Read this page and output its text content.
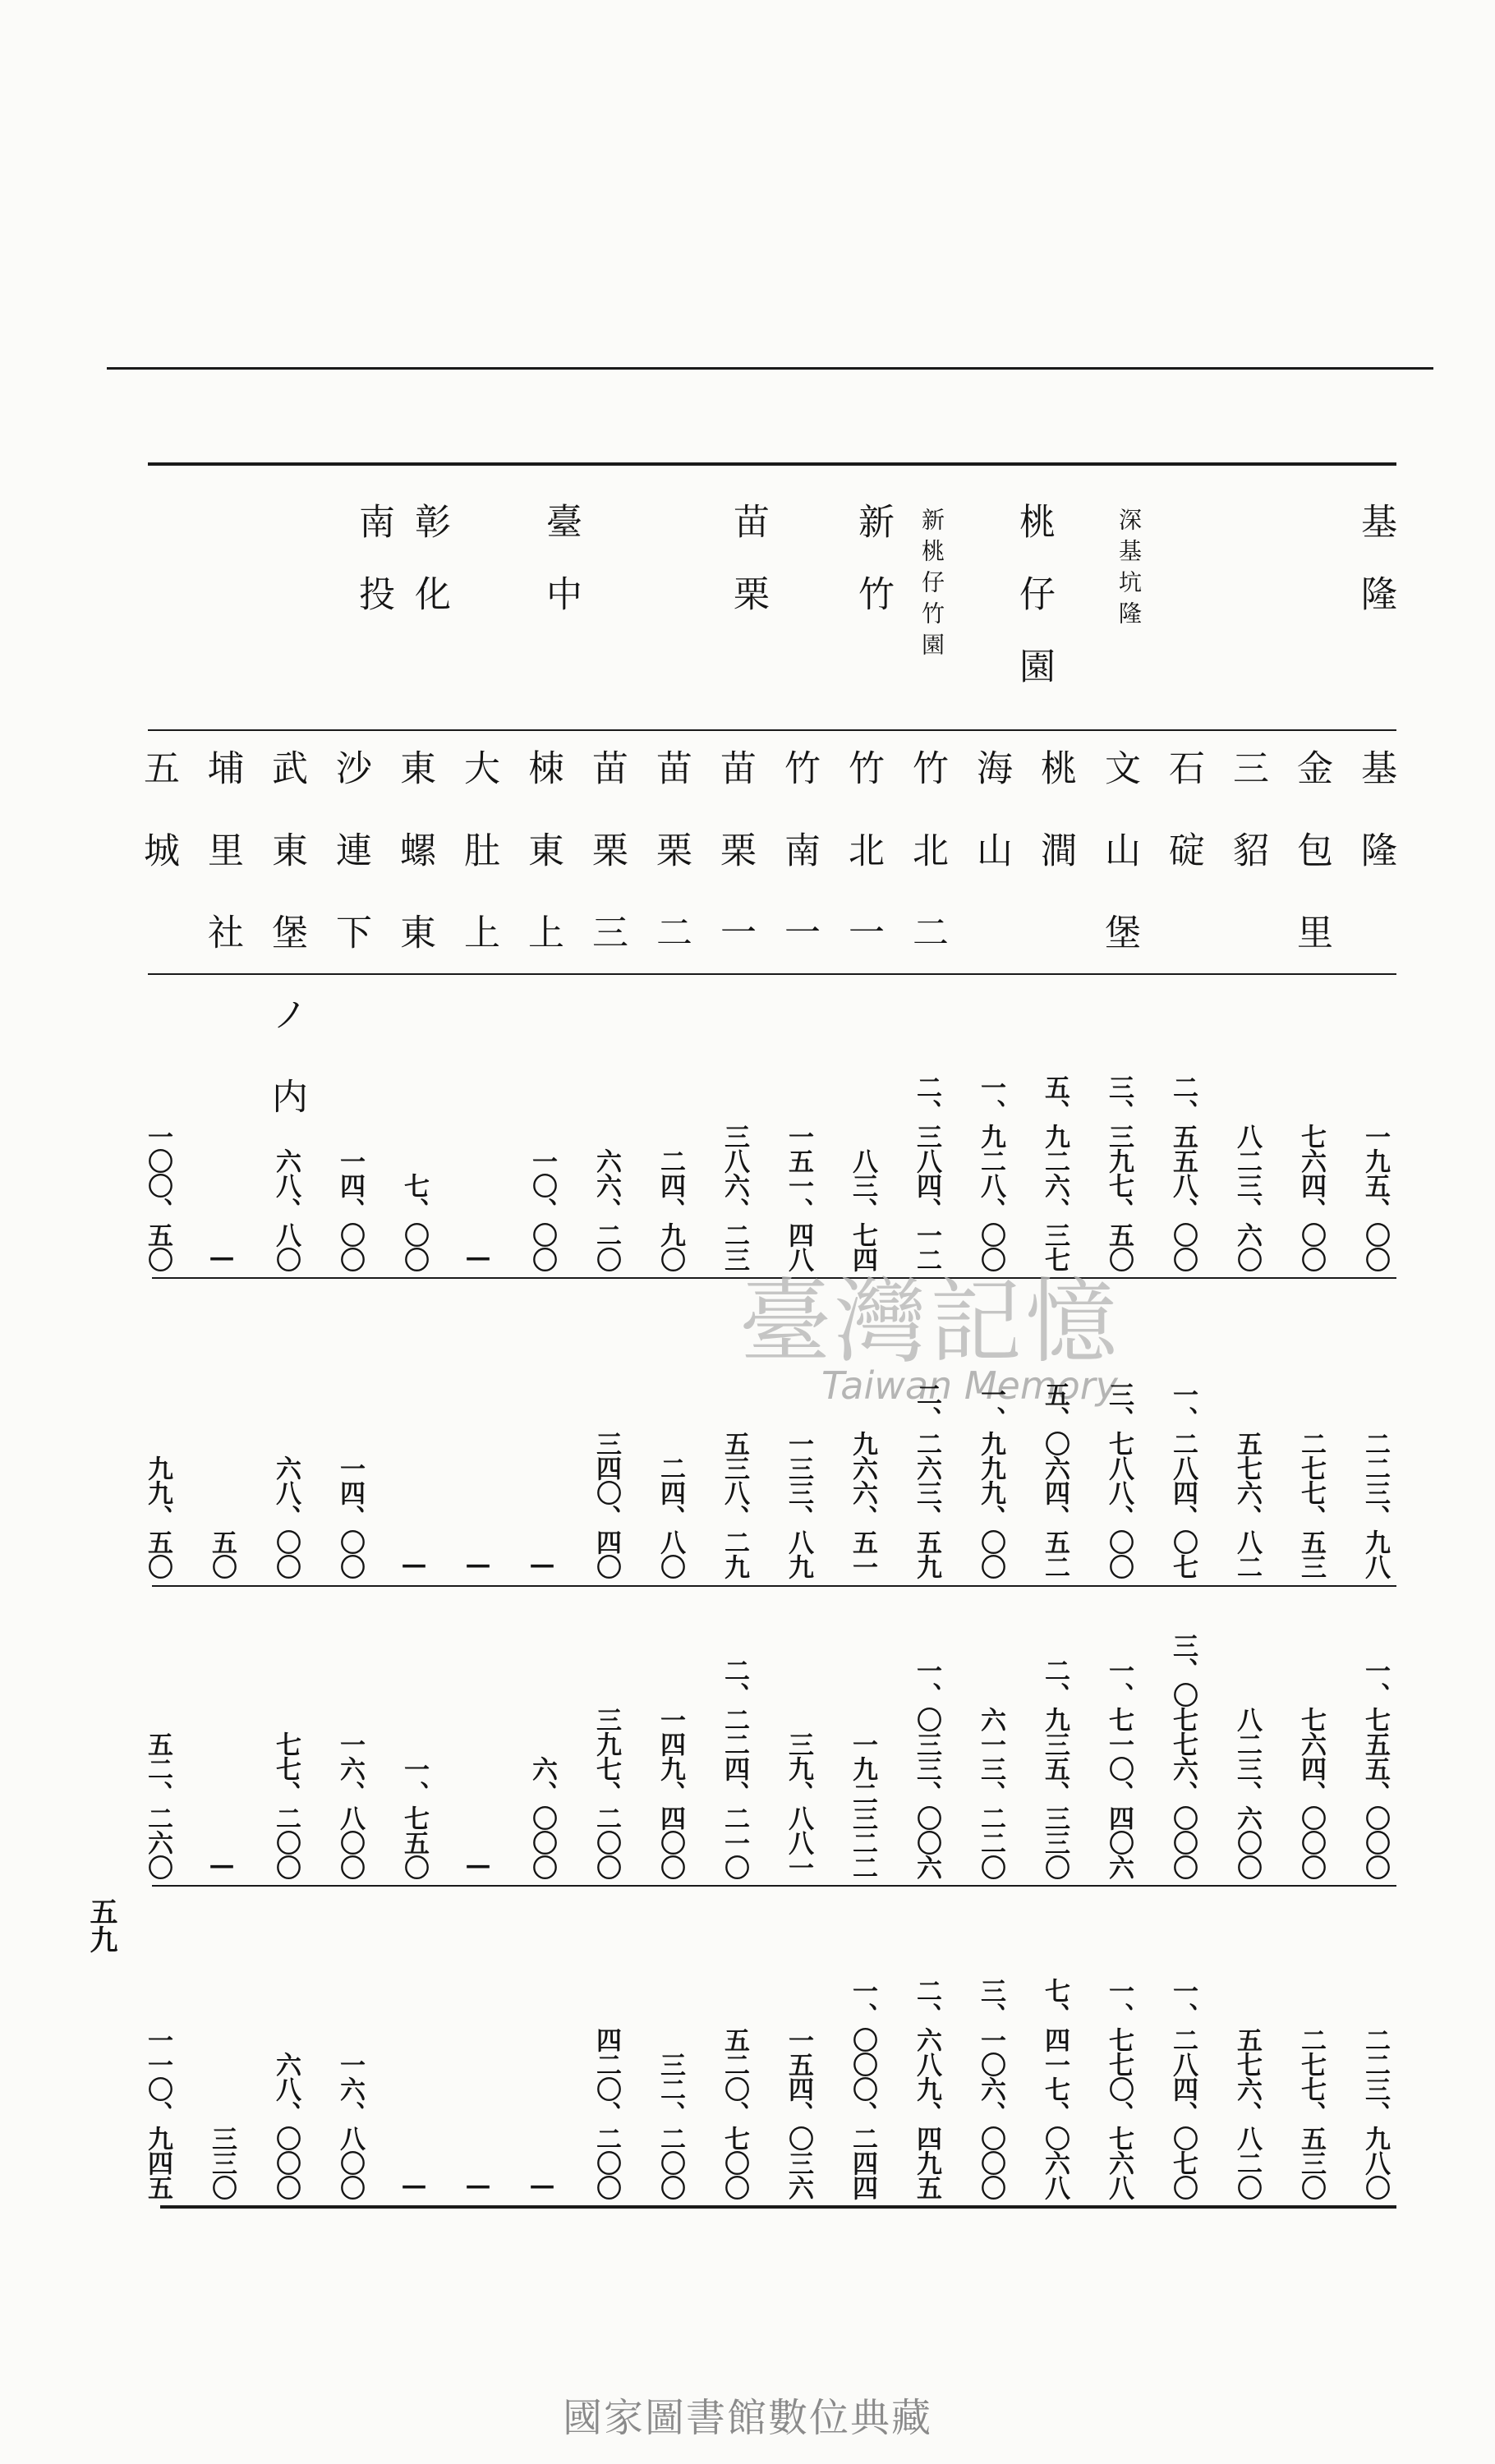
臺灣記憶
Taiwan Memory
基隆
深基坑隆
桃仔園
新桃仔竹園
新竹
苗栗
臺中
彰化
南投
基隆
金包里
三貂
石碇
文山堡
桃澗
海山
竹北二
竹北一
竹南一
苗栗一
苗栗二
苗栗三
栜東上
大肚上
東螺東
沙連下
武東堡ノ内
埔里社
五城
一九五、〇〇
二二三、九八
一、七五五、〇〇〇
二二三、九八〇
七六四、〇〇
二七七、五三
七六四、〇〇〇
二七七、五三〇
八二三、六〇
五七六、八二
八二三、六〇〇
五七六、八二〇
二、五五八、〇〇
一、二八四、〇七
三、〇七七六、〇〇〇
一、二八四、〇七〇
三、三九七、五〇
三、七八八、〇〇
一、七一〇、四〇六
一、七七〇、七六八
五、九二六、三七
五、〇六四、五二
二、九三五、三三〇
七、四一七、〇六八
一、九二八、〇〇
一、九九九、〇〇
六一三、二二〇
三、一〇六、〇〇〇
二、三八四、一二
二、二六三、五九
一、〇三三、〇〇六
二、六八九、四九五
八三、七四
九六六、五一
一九二三二二
一、〇〇〇、二四四
一五一、四八
一三三、八九
三九、八八一
一五四、〇三六
三八六、二三
五三八、二九
二、二二四、二一〇
五二〇、七〇〇
二四、九〇
二四、八〇
一四九、四〇〇
三二、二〇〇
六六、二〇
三四〇、四〇
三九七、二〇〇
四二〇、二〇〇
一〇、〇〇
—
六、〇〇〇
—
—
—
—
—
七、〇〇
—
一、七五〇
—
一四、〇〇
一四、〇〇
一六、八〇〇
一六、八〇〇
六八、八〇
六八、〇〇
七七、二〇〇
六八、〇〇〇
—
五〇
—
三三〇
一〇〇、五〇
九九、五〇
五二、二六〇
一一〇、九四五
五九
國家圖書館數位典藏
